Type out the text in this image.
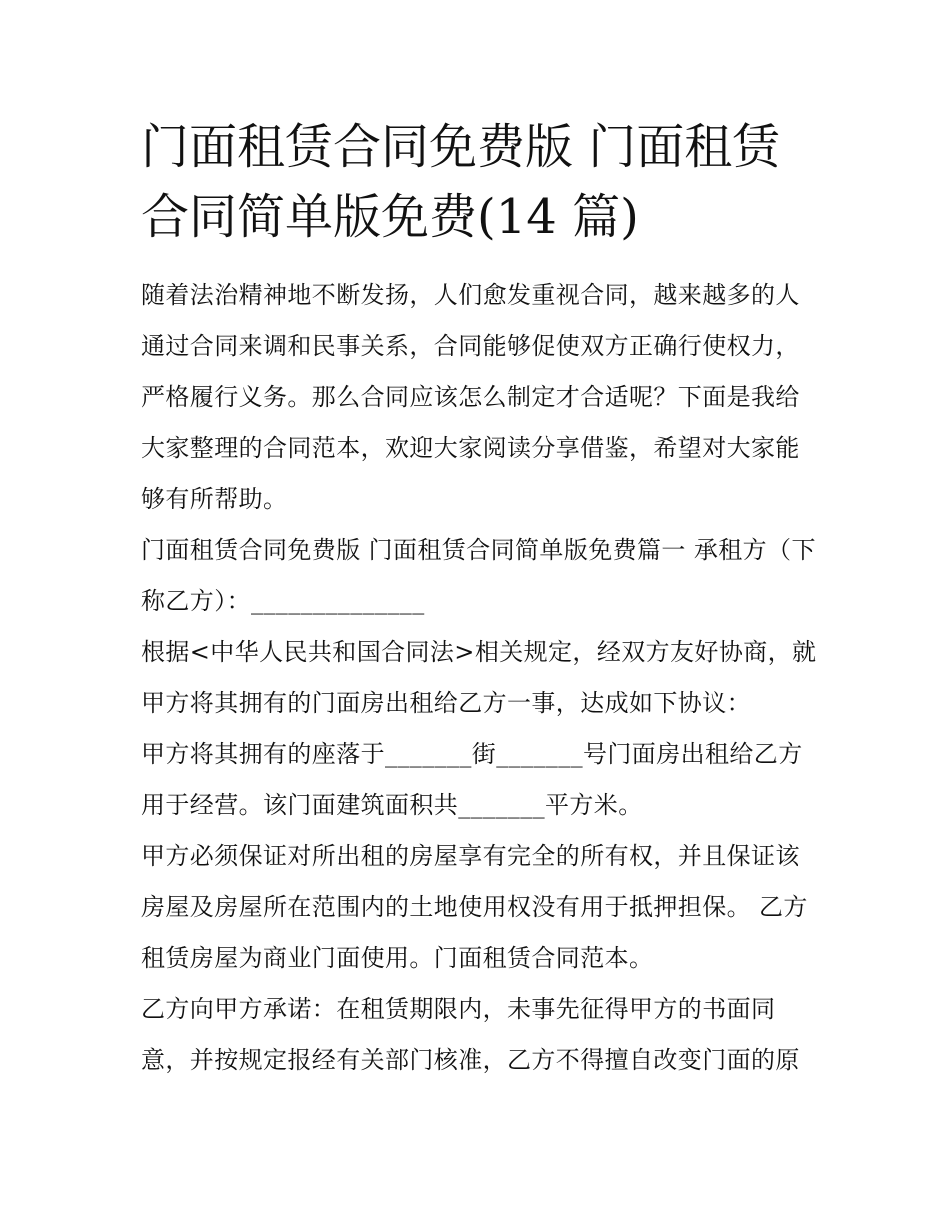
门面租赁合同免费版 门面租赁
合同简单版免费(14 篇)

随着法治精神地不断发扬，人们愈发重视合同，越来越多的人通过合同来调和民事关系，合同能够促使双方正确行使权力，严格履行义务。那么合同应该怎么制定才合适呢？下面是我给大家整理的合同范本，欢迎大家阅读分享借鉴，希望对大家能够有所帮助。

门面租赁合同免费版 门面租赁合同简单版免费篇一 承租方（下称乙方）：______________

根据<中华人民共和国合同法>相关规定，经双方友好协商，就甲方将其拥有的门面房出租给乙方一事，达成如下协议：

甲方将其拥有的座落于_______街_______号门面房出租给乙方用于经营。该门面建筑面积共_______平方米。

甲方必须保证对所出租的房屋享有完全的所有权，并且保证该房屋及房屋所在范围内的土地使用权没有用于抵押担保。 乙方租赁房屋为商业门面使用。门面租赁合同范本。

乙方向甲方承诺：在租赁期限内，未事先征得甲方的书面同意，并按规定报经有关部门核准，乙方不得擅自改变门面的原
